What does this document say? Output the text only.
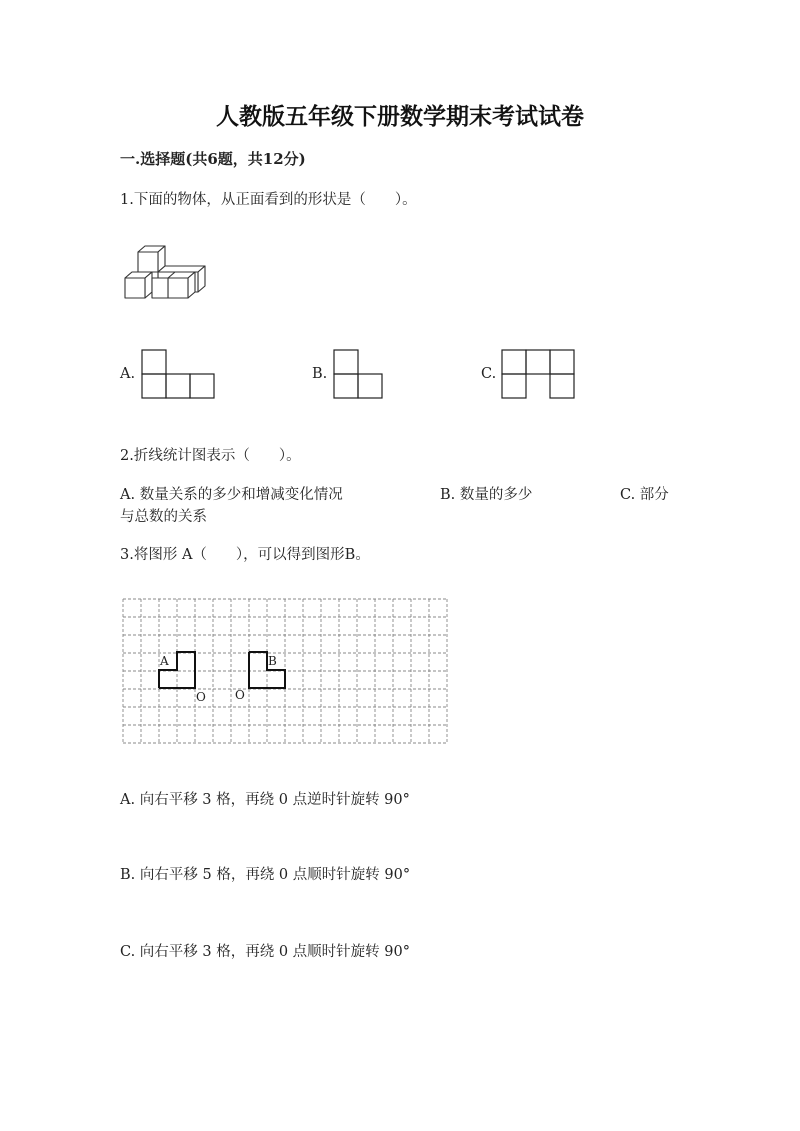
人教版五年级下册数学期末考试试卷
一.选择题(共6题，共12分)
1.下面的物体，从正面看到的形状是（　　）。
A.	B.	C.
2.折线统计图表示（　　）。
A. 数量关系的多少和增减变化情况	B. 数量的多少	C. 部分
与总数的关系
3.将图形 A（　　），可以得到图形B。
A	B
O O
A. 向右平移 3 格，再绕 0 点逆时针旋转 90°
B. 向右平移 5 格，再绕 0 点顺时针旋转 90°
C. 向右平移 3 格，再绕 0 点顺时针旋转 90°
